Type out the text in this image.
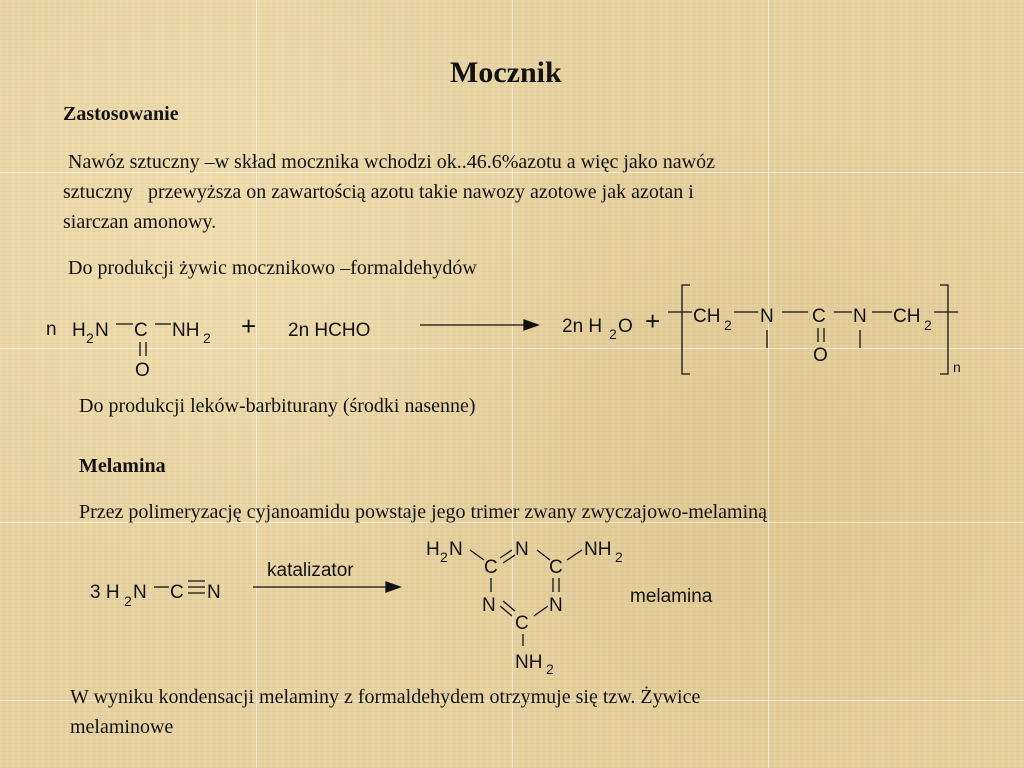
Mocznik
Zastosowanie
Nawóz sztuczny –w skład mocznika wchodzi ok..46.6%azotu a więc jako nawóz
sztuczny   przewyższa on zawartością azotu takie nawozy azotowe jak azotan i
siarczan amonowy.
Do produkcji żywic mocznikowo –formaldehydów
n H 2 N C NH 2
O
+ 2n HCHO	2n H 2 O + CH 2 N C
O
N CH 2
n
Do produkcji leków-barbiturany (środki nasenne)
Melamina
Przez polimeryzację cyjanoamidu powstaje jego trimer zwany zwyczajowo-melaminą
3 H 2 N C N
katalizator
H 2 N	N	NH 2
C	C
N	N
C
NH 2
melamina
W wyniku kondensacji melaminy z formaldehydem otrzymuje się tzw. Żywice
melaminowe
